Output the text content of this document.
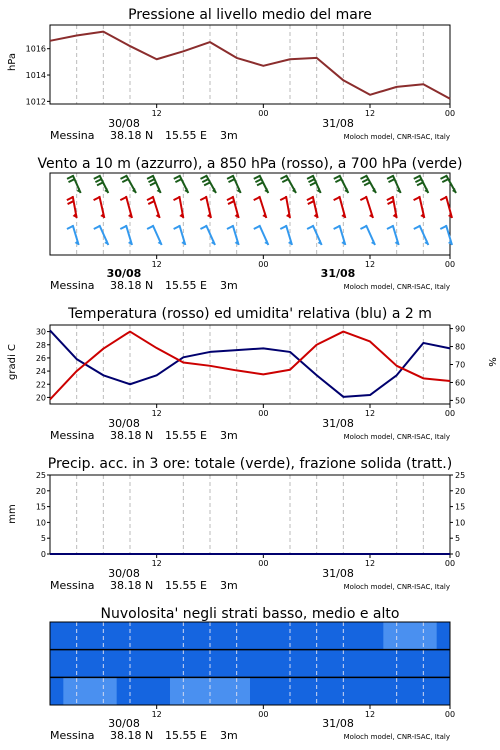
Pressione al livello medio del mare
hPa
12	00	12	00
1016
1014
1012
30/08	31/08
Vento a 10 m (azzurro), a 850 hPa (rosso), a 700 hPa (verde)
12	00	12	00
30/08	31/08
Temperatura (rosso) ed umidita' relativa (blu) a 2 m
gradi C	%
12	00	12	00
30
28
26
24
22
20
90
80
70
60
50
30/08	31/08
Precip. acc. in 3 ore: totale (verde), frazione solida (tratt.)
mm
12	00	12	00
25
20
15
10
5
0
25
20
15
10
5
0
30/08	31/08
Nuvolosita' negli strati basso, medio e alto
12	00	12	00
30/08	31/08
Messina 38.18 N 15.55 E 3m	Moloch model, CNR-ISAC, Italy
Messina 38.18 N 15.55 E 3m	Moloch model, CNR-ISAC, Italy
Messina 38.18 N 15.55 E 3m	Moloch model, CNR-ISAC, Italy
Messina 38.18 N 15.55 E 3m	Moloch model, CNR-ISAC, Italy
Messina 38.18 N 15.55 E 3m	Moloch model, CNR-ISAC, Italy
